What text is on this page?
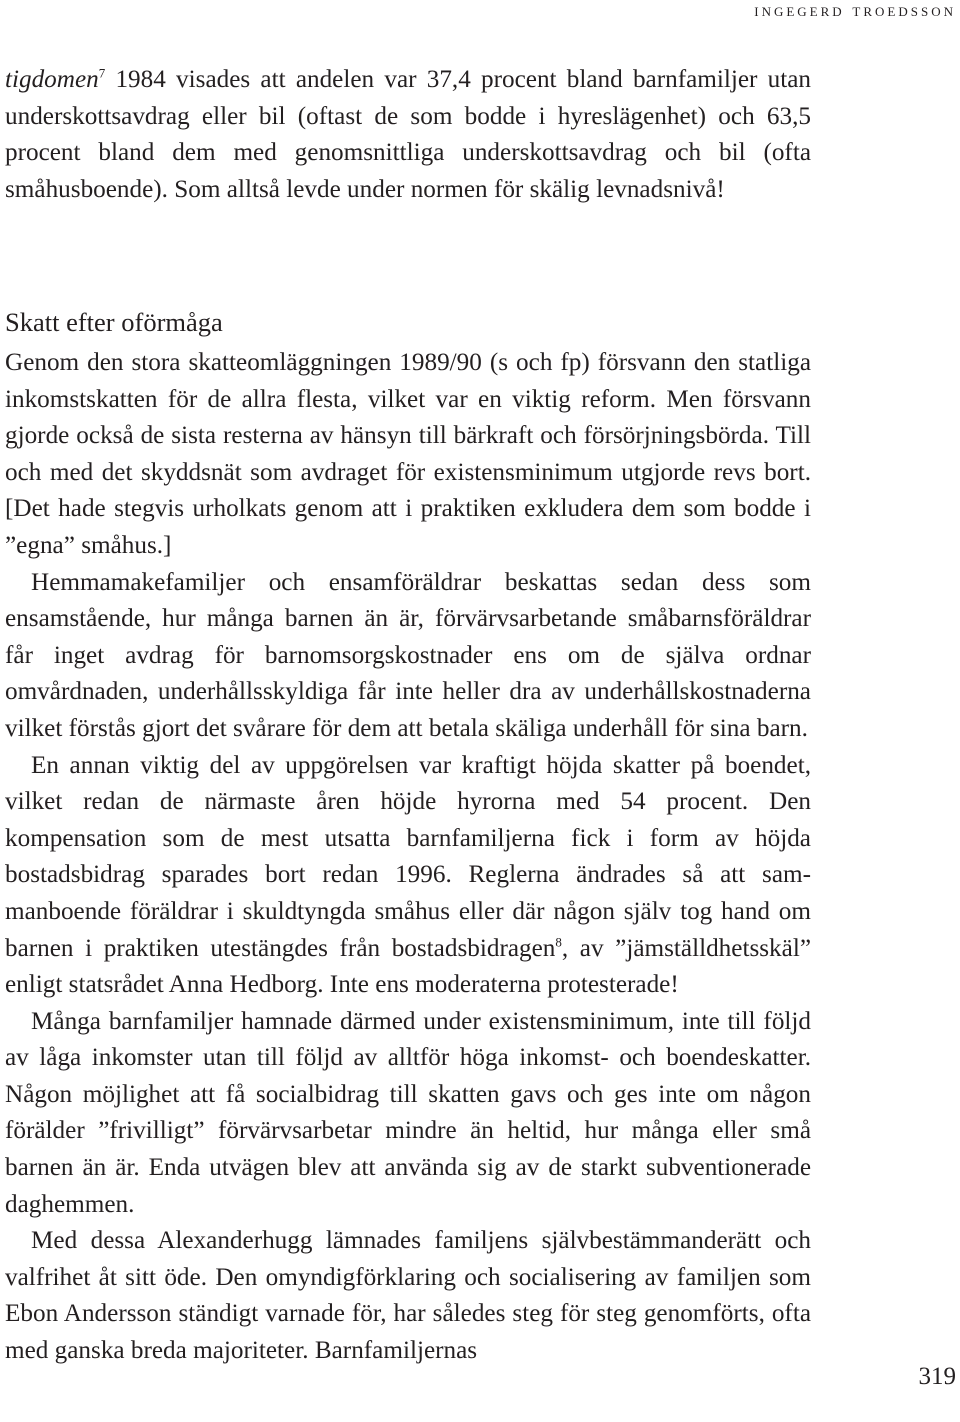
ingegerd troedsson

tigdomen$^7$ 1984 visades att andelen var 37,4 procent bland barnfamiljer utan underskottsavdrag eller bil (oftast de som bodde i hyreslägenhet) och 63,5 procent bland dem med genomsnittliga underskottsavdrag och bil (ofta småhusboende). Som alltså levde under normen för skälig levnadsnivå!

Skatt efter oförmåga

Genom den stora skatteomläggningen 1989/90 (s och fp) försvann den statliga inkomstskatten för de allra flesta, vilket var en viktig reform. Men försvann gjorde också de sista resterna av hänsyn till bärkraft och försörjningsbörda. Till och med det skyddsnät som avdraget för existensminimum utgjorde revs bort. [Det hade stegvis urholkats genom att i praktiken exkludera dem som bodde i ”egna” småhus.]

Hemmamakefamiljer och ensamföräldrar beskattas sedan dess som ensamstående, hur många barnen än är, förvärvsarbetande småbarnsföräldrar får inget avdrag för barnomsorgskostnader ens om de själva ordnar omvårdnaden, underhållsskyldiga får inte heller dra av underhållskostnaderna vilket förstås gjort det svårare för dem att betala skäliga underhåll för sina barn.

En annan viktig del av uppgörelsen var kraftigt höjda skatter på boendet, vilket redan de närmaste åren höjde hyrorna med 54 procent. Den kompensation som de mest utsatta barnfamiljerna fick i form av höjda bostadsbidrag sparades bort redan 1996. Reglerna ändrades så att sammanboende föräldrar i skuldtyngda småhus eller där någon själv tog hand om barnen i praktiken utestängdes från bostadsbidragen$^8$, av ”jämställdhetsskäl” enligt statsrådet Anna Hedborg. Inte ens moderaterna protesterade!

Många barnfamiljer hamnade därmed under existensminimum, inte till följd av låga inkomster utan till följd av alltför höga inkomst- och boendeskatter. Någon möjlighet att få socialbidrag till skatten gavs och ges inte om någon förälder ”frivilligt” förvärvsarbetar mindre än heltid, hur många eller små barnen än är. Enda utvägen blev att använda sig av de starkt subventionerade daghemmen.

Med dessa Alexanderhugg lämnades familjens självbestämmanderätt och valfrihet åt sitt öde. Den omyndigförklaring och socialisering av familjen som Ebon Andersson ständigt varnade för, har således steg för steg genomförts, ofta med ganska breda majoriteter. Barnfamiljernas

319
